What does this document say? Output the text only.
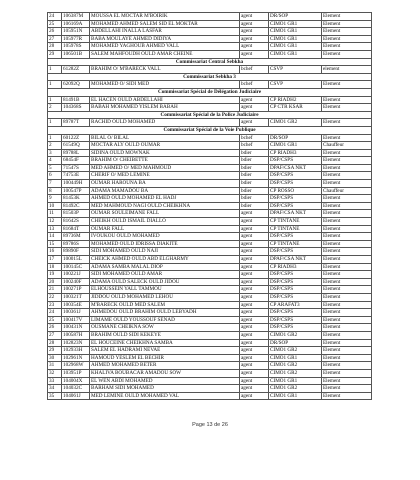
24	106387M	MOUSSA EL MOCTAR M'BOIRIK	agent	DR/SOP	Element
25	106169A	MOHAMED AHMED SALEM SID EL MOKTAR	agent	CIMO1 GR1	Element
26	105951N	ABDELLAHI INALLA LASFAR	agent	CIMO1 GR1	Element
27	105977R	BABA MOULAYE AHMED DIDIYA	agent	CIMO1 GR1	Element
28	105978S	MOHAMED YAGHOUB AHMED VALL	agent	CIMO1 GR1	Element
29	106501B	SALEM MAHFOUDH OULD AMAR CHEINE	agent	CIMO1 GR1	Element
Commissariat Central Sebkha					
1	61282Z	BRAHIM O/ M'BARECK VALL	bchef	CSVP	element
Commissariat Sebkha 3					
1	62092Q	MOHAMED O/ SIDI MED	bchef	CSVP	Element
Commissariat Spécial de Délégation Judiciaire					
1	81491B	EL HACEN OULD ABDELLAHI	agent	CP RIADH2	Element
2	104368S	BABAH MOHAMED YISLEM BABAH	agent	CP CTR KSAR	Element
Commissariat Spécial de la Police Judiciaire					
1	89787T	RACHID OULD MOHAMED	agent	CIMO1 GR2	Element
Commissariat Spécial de la Voie Publique					
1	60122Z	BILAL O/ BILAL	bchef	DR/SOP	Element
2	61549Q	MOCTAR ALY OULD OUMAR	bchef	CIMO1 GR1	Chauffeur
3	89788L	SIDINA OULD MOWNAK	bdier	CP RIADH3	Element
4	68454F	BRAHIM O/ CHEIBETTE	bdier	DSP/CSPS	Element
5	71547S	MED AHMED O/ MED MAHMOUD	bdier	DPAF/CSA NKT	Element
6	74753E	CHERIF O/ MED LEMINE	bdier	DSP/CSPS	Element
7	100449H	OUMAR HAROUNA BA	bdier	DSP/CSPS	Element
8	100547P	ADAMA MAMADOU BA	bdier	CP ROSSO	Chauffeur
9	81453K	AHMED OULD MOHAMED EL HADJ	bdier	DSP/CSPS	Element
10	81492C	MED MAHMOUD NAGI OULD CHEIKHNA	bdier	DSP/CSPS	Element
11	81503P	OUMAR SOULEIMANE FALL	agent	DPAF/CSA NKT	Element
12	81642S	CHEIKH OULD ISMAIL DIALLO	agent	CP TINTANE	Element
13	81684T	OUMAR FALL	agent	CP TINTANE	Element
14	89736M	IVOUKOU OULD MOHAMED	agent	DSP/CSPS	Element
15	89786S	MOHAMED OULD IDRISSA DIAKITE	agent	CP TINTANE	Element
16	89890F	SIDI MOHAMED OULD NAJI	agent	DSP/CSPS	Element
17	100015L	CHEICK AHMED OULD ABD ELGHARMY	agent	DPAF/CSA NKT	Element
18	100145C	ADAMA SAMBA MALAL DIOP	agent	CP RIADH3	Element
19	100221J	SIDI MOHAMED OULD AMAR	agent	DSP/CSPS	Element
20	100240F	ADAMA OULD SALECK OULD JIDOU	agent	DSP/CSPS	Element
21	100271P	ELHOUSSEIN YALL TAMMOU	agent	DSP/CSPS	Element
22	100321T	JIDDOU OULD MOHAMED LEHOU	agent	DSP/CSPS	Element
23	100354E	M'BARECK OULD MED SALEM	agent	CP ARAFAT3	Element
24	100361J	AHMEDOU OULD BRAHIM OULD LEBYADH	agent	DSP/CSPS	Element
25	100417V	LIMAME OULD YOUSSOUF SENAD	agent	DSP/CSPS	Element
26	100431N	OUSMANE CHEIKNA SOW	agent	DSP/CSPS	Element
27	100587H	BRAHIM OULD SIDI KEKEYE	agent	CIMO1 GR2	Element
28	102823N	EL HOUCEINE CHEIKHNA SAMBA	agent	DR/SOP	Element
29	102933H	SALEM EL HADRAMI NEVAE	agent	CIMO1 GR2	Element
30	102961N	HAMOUD YESLEM EL BECHIR	agent	CIMO1 GR1	Element
31	102968W	AHMED MOHAMED BETER	agent	CIMO1 GR2	Element
32	103951P	KHALIVA BOUBACAR AMADOU SOW	agent	CIMO1 GR2	Element
33	104004X	EL WEN ABDI MOHAMED	agent	CIMO1 GR1	Element
34	104032C	BARHAM SIDI MOHAMED	agent	CIMO1 GR2	Element
35	104061J	MED LEMINE OULD MOHAMED VAL	agent	CIMO1 GR1	Element
Page 13 de 26
